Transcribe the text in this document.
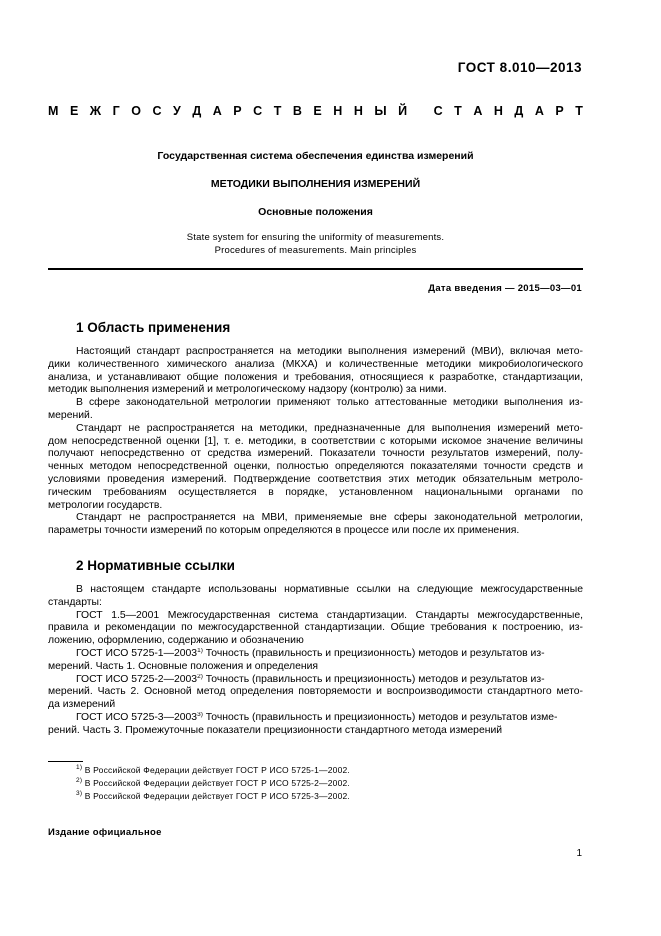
ГОСТ 8.010—2013
М Е Ж Г О С У Д А Р С Т В Е Н Н Ы Й
С Т А Н Д А Р Т
Государственная система обеспечения единства измерений
МЕТОДИКИ ВЫПОЛНЕНИЯ ИЗМЕРЕНИЙ
Основные положения
State system for ensuring the uniformity of measurements.
Procedures of measurements. Main principles
Дата введения — 2015—03—01
1 Область применения
Настоящий стандарт распространяется на методики выполнения измерений (МВИ), включая мето-
дики количественного химического анализа (МКХА) и количественные методики микробиологического
анализа, и устанавливают общие положения и требования, относящиеся к разработке, стандартизации,
методик выполнения измерений и метрологическому надзору (контролю) за ними.
В сфере законодательной метрологии применяют только аттестованные методики выполнения из-
мерений.
Стандарт не распространяется на методики, предназначенные для выполнения измерений мето-
дом непосредственной оценки [1], т. е. методики, в соответствии с которыми искомое значение величины
получают непосредственно от средства измерений. Показатели точности результатов измерений, полу-
ченных методом непосредственной оценки, полностью определяются показателями точности средств и
условиями проведения измерений. Подтверждение соответствия этих методик обязательным метроло-
гическим требованиям осуществляется в порядке, установленном национальными органами по
метрологии государств.
Стандарт не распространяется на МВИ, применяемые вне сферы законодательной метрологии,
параметры точности измерений по которым определяются в процессе или после их применения.
2 Нормативные ссылки
В настоящем стандарте использованы нормативные ссылки на следующие межгосударственные
стандарты:
ГОСТ 1.5—2001 Межгосударственная система стандартизации. Стандарты межгосударственные,
правила и рекомендации по межгосударственной стандартизации. Общие требования к построению, из-
ложению, оформлению, содержанию и обозначению
ГОСТ ИСО 5725-1—2003$^{1)}$ Точность (правильность и прецизионность) методов и результатов из-
мерений. Часть 1. Основные положения и определения
ГОСТ ИСО 5725-2—2003$^{2)}$ Точность (правильность и прецизионность) методов и результатов из-
мерений. Часть 2. Основной метод определения повторяемости и воспроизводимости стандартного мето-
да измерений
ГОСТ ИСО 5725-3—2003$^{3)}$ Точность (правильность и прецизионность) методов и результатов изме-
рений. Часть 3. Промежуточные показатели прецизионности стандартного метода измерений
$^{1)}$ В Российской Федерации действует ГОСТ Р ИСО 5725-1—2002.
$^{2)}$ В Российской Федерации действует ГОСТ Р ИСО 5725-2—2002.
$^{3)}$ В Российской Федерации действует ГОСТ Р ИСО 5725-3—2002.
Издание официальное
1
